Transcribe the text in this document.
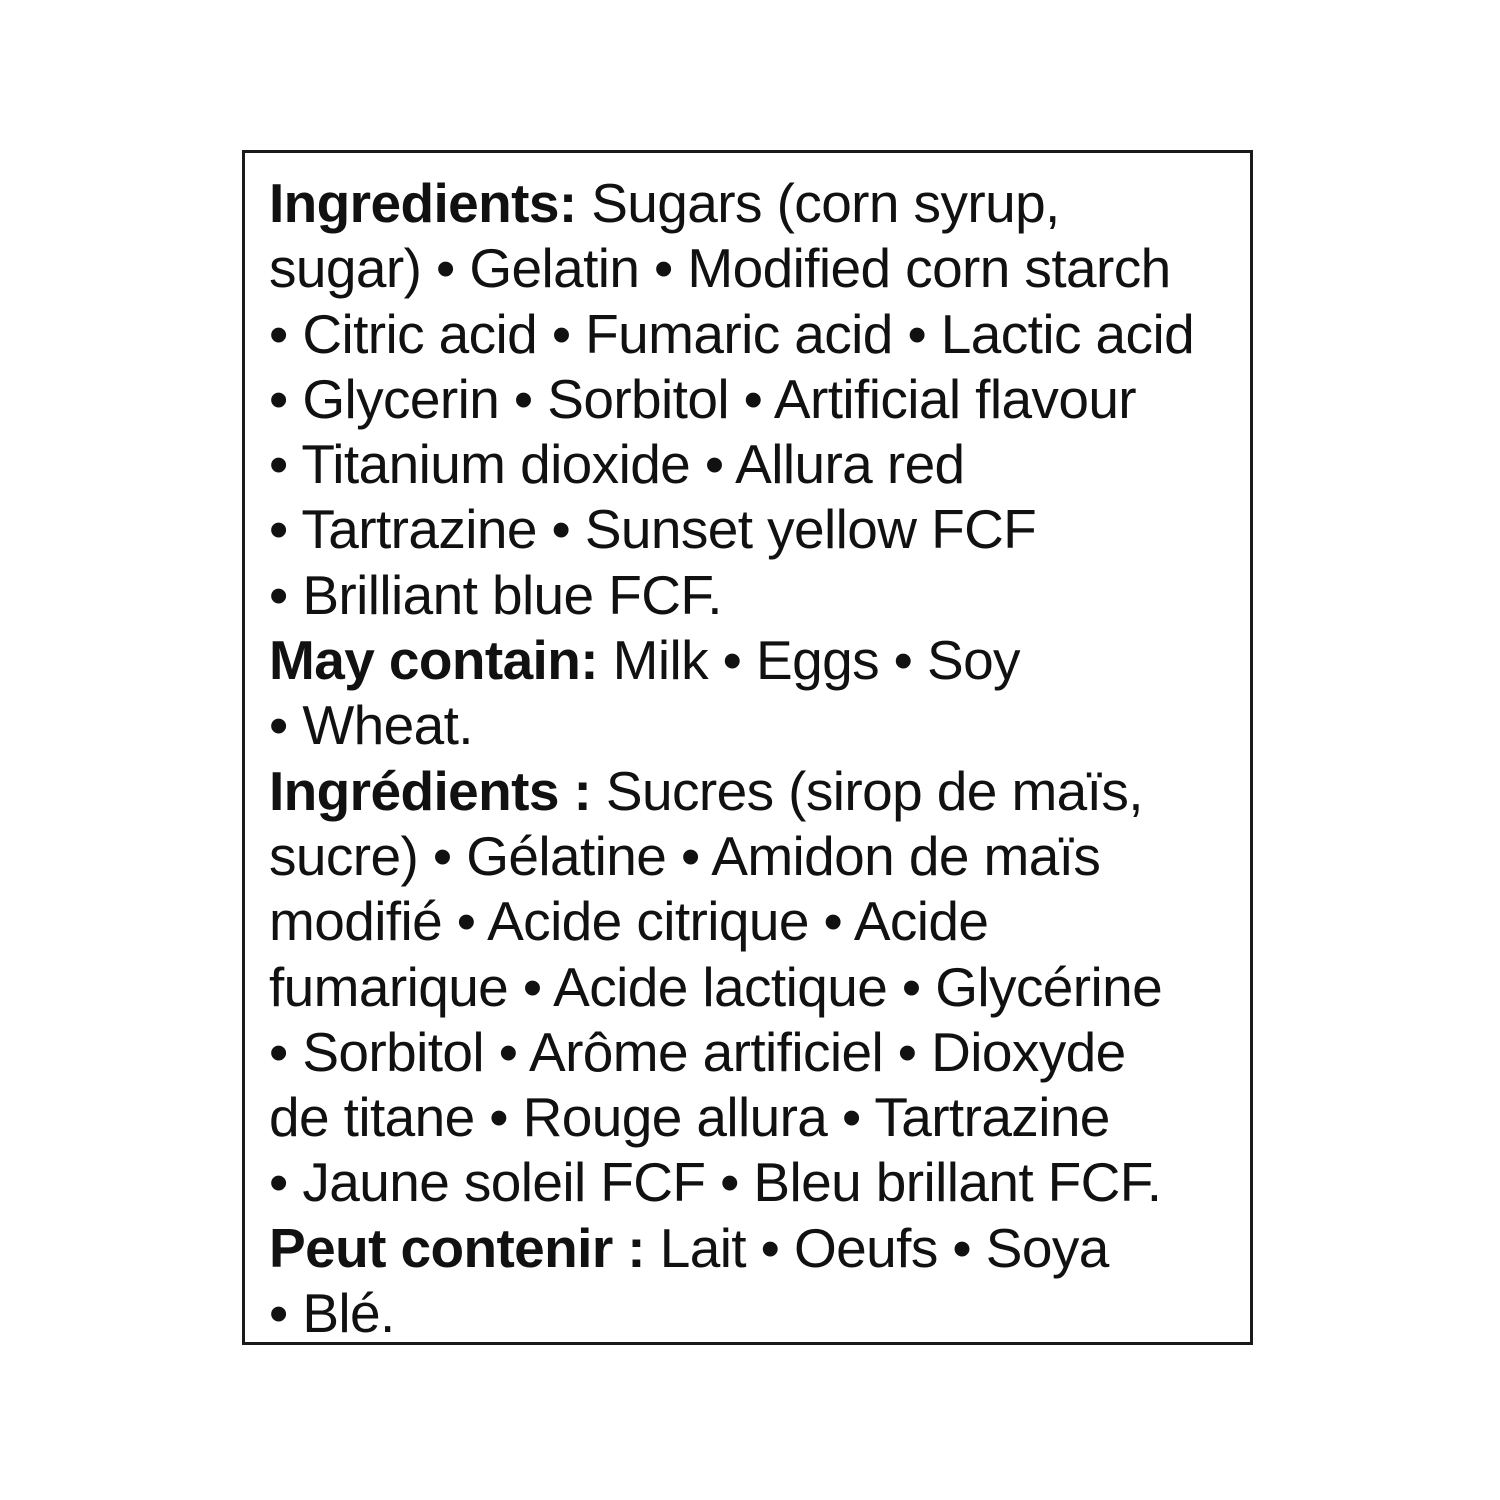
Ingredients: Sugars (corn syrup,
sugar) • Gelatin • Modified corn starch
• Citric acid • Fumaric acid • Lactic acid
• Glycerin • Sorbitol • Artificial flavour
• Titanium dioxide • Allura red
• Tartrazine • Sunset yellow FCF
• Brilliant blue FCF.
May contain: Milk • Eggs • Soy
• Wheat.
Ingrédients : Sucres (sirop de maïs,
sucre) • Gélatine • Amidon de maïs
modifié • Acide citrique • Acide
fumarique • Acide lactique • Glycérine
• Sorbitol • Arôme artificiel • Dioxyde
de titane • Rouge allura • Tartrazine
• Jaune soleil FCF • Bleu brillant FCF.
Peut contenir : Lait • Oeufs • Soya
• Blé.
